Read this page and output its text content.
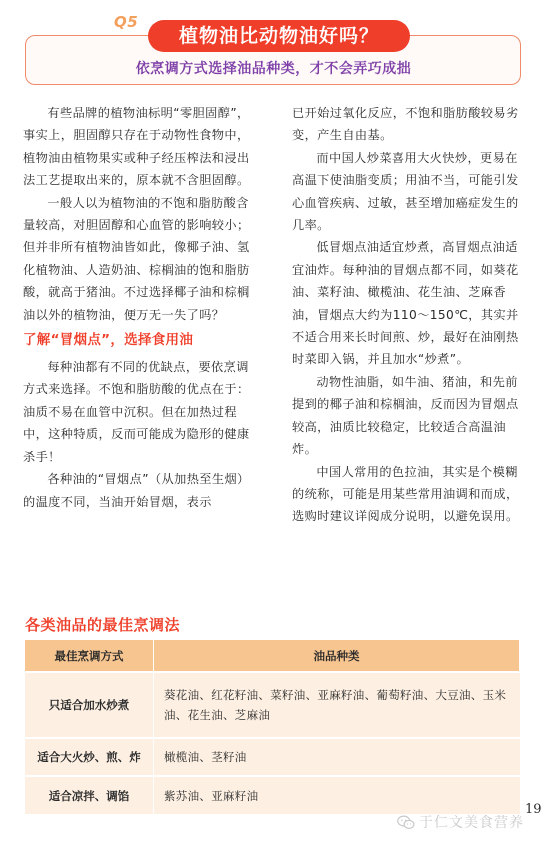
Q5
植物油比动物油好吗？
依烹调方式选择油品种类，才不会弄巧成拙

有些品牌的植物油标明“零胆固醇”，事实上，胆固醇只存在于动物性食物中，植物油由植物果实或种子经压榨法和浸出法工艺提取出来的，原本就不含胆固醇。

一般人以为植物油的不饱和脂肪酸含量较高，对胆固醇和心血管的影响较小；但并非所有植物油皆如此，像椰子油、氢化植物油、人造奶油、棕榈油的饱和脂肪酸，就高于猪油。不过选择椰子油和棕榈油以外的植物油，便万无一失了吗？

了解“冒烟点”，选择食用油

每种油都有不同的优缺点，要依烹调方式来选择。不饱和脂肪酸的优点在于：油质不易在血管中沉积。但在加热过程中，这种特质，反而可能成为隐形的健康杀手！

各种油的“冒烟点”（从加热至生烟）的温度不同，当油开始冒烟，表示

已开始过氧化反应，不饱和脂肪酸较易劣变，产生自由基。

而中国人炒菜喜用大火快炒，更易在高温下使油脂变质；用油不当，可能引发心血管疾病、过敏，甚至增加癌症发生的几率。

低冒烟点油适宜炒煮，高冒烟点油适宜油炸。每种油的冒烟点都不同，如葵花油、菜籽油、橄榄油、花生油、芝麻香油，冒烟点大约为110～150℃，其实并不适合用来长时间煎、炒，最好在油刚热时菜即入锅，并且加水“炒煮”。

动物性油脂，如牛油、猪油，和先前提到的椰子油和棕榈油，反而因为冒烟点较高，油质比较稳定，比较适合高温油炸。

中国人常用的色拉油，其实是个模糊的统称，可能是用某些常用油调和而成，选购时建议详阅成分说明，以避免误用。

各类油品的最佳烹调法
最佳烹调方式	油品种类
只适合加水炒煮	葵花油、红花籽油、菜籽油、亚麻籽油、葡萄籽油、大豆油、玉米油、花生油、芝麻油
适合大火炒、煎、炸	橄榄油、茎籽油
适合凉拌、调馅	紫苏油、亚麻籽油
19
于仁文美食营养
